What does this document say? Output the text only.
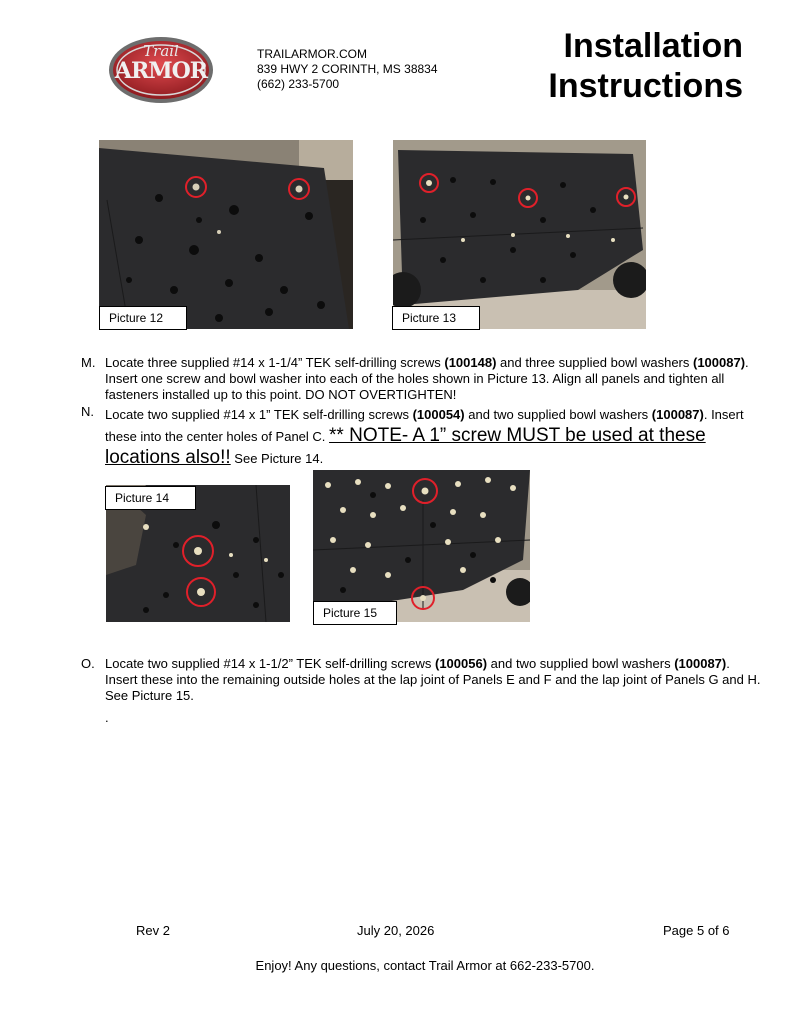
Trail
ARMOR
TRAILARMOR.COM
839 HWY 2 CORINTH, MS 38834
(662) 233-5700
Installation
Instructions
Picture 12	Picture 13
M. Locate three supplied #14 x 1-1/4” TEK self-drilling screws (100148) and three supplied bowl washers (100087). Insert one screw and bowl washer into each of the holes shown in Picture 13. Align all panels and tighten all fasteners installed up to this point. DO NOT OVERTIGHTEN!
N. Locate two supplied #14 x 1” TEK self-drilling screws (100054) and two supplied bowl washers (100087). Insert these into the center holes of Panel C. ** NOTE- A 1” screw MUST be used at these locations also!! See Picture 14.
Picture 14
Picture 15
O. Locate two supplied #14 x 1-1/2” TEK self-drilling screws (100056) and two supplied bowl washers (100087). Insert these into the remaining outside holes at the lap joint of Panels E and F and the lap joint of Panels G and H. See Picture 15.
.
Rev 2	July 20, 2026	Page 5 of 6
Enjoy! Any questions, contact Trail Armor at 662-233-5700.
